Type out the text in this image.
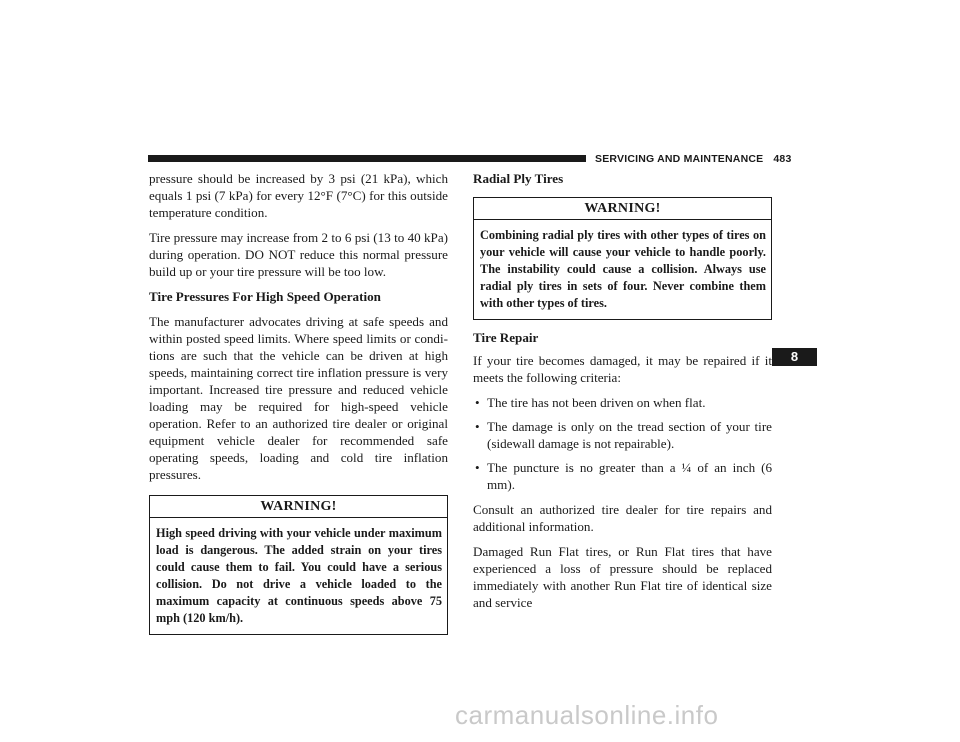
SERVICING AND MAINTENANCE 483

pressure should be increased by 3 psi (21 kPa), which equals 1 psi (7 kPa) for every 12°F (7°C) for this outside temperature condition.

Tire pressure may increase from 2 to 6 psi (13 to 40 kPa) during operation. DO NOT reduce this normal pressure build up or your tire pressure will be too low.

Tire Pressures For High Speed Operation

The manufacturer advocates driving at safe speeds and within posted speed limits. Where speed limits or conditions are such that the vehicle can be driven at high speeds, maintaining correct tire inflation pressure is very important. Increased tire pressure and reduced vehicle loading may be required for high-speed vehicle operation. Refer to an authorized tire dealer or original equipment vehicle dealer for recommended safe operating speeds, loading and cold tire inflation pressures.

WARNING!
High speed driving with your vehicle under maximum load is dangerous. The added strain on your tires could cause them to fail. You could have a serious collision. Do not drive a vehicle loaded to the maximum capacity at continuous speeds above 75 mph (120 km/h).
Radial Ply Tires
WARNING!
Combining radial ply tires with other types of tires on your vehicle will cause your vehicle to handle poorly. The instability could cause a collision. Always use radial ply tires in sets of four. Never combine them with other types of tires.
Tire Repair

If your tire becomes damaged, it may be repaired if it meets the following criteria:

• The tire has not been driven on when flat.
• The damage is only on the tread section of your tire (sidewall damage is not repairable).
• The puncture is no greater than a ¼ of an inch (6 mm).

Consult an authorized tire dealer for tire repairs and additional information.

Damaged Run Flat tires, or Run Flat tires that have experienced a loss of pressure should be replaced immediately with another Run Flat tire of identical size and service

8
carmanualsonline.info
